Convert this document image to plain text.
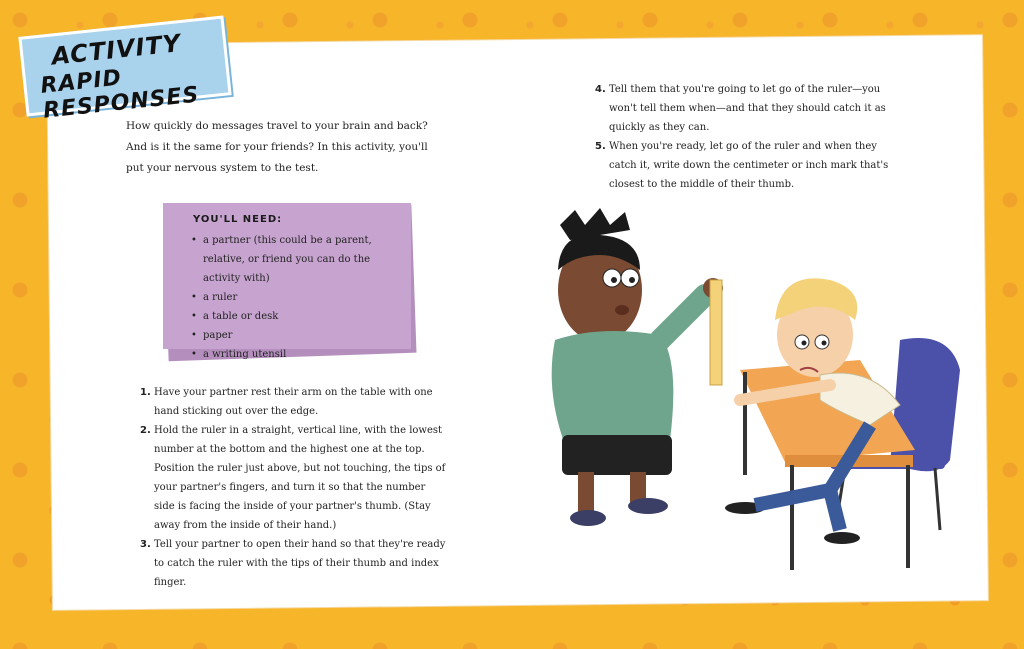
ACTIVITY
RAPID RESPONSES

How quickly do messages travel to your brain and back? And is it the same for your friends? In this activity, you'll put your nervous system to the test.

YOU'LL NEED:
• a partner (this could be a parent, relative, or friend you can do the activity with)
• a ruler
• a table or desk
• paper
• a writing utensil
1. Have your partner rest their arm on the table with one hand sticking out over the edge.
2. Hold the ruler in a straight, vertical line, with the lowest number at the bottom and the highest one at the top. Position the ruler just above, but not touching, the tips of your partner's fingers, and turn it so that the number side is facing the inside of your partner's thumb. (Stay away from the inside of their hand.)
3. Tell your partner to open their hand so that they're ready to catch the ruler with the tips of their thumb and index finger.
4. Tell them that you're going to let go of the ruler—you won't tell them when—and that they should catch it as quickly as they can.
5. When you're ready, let go of the ruler and when they catch it, write down the centimeter or inch mark that's closest to the middle of their thumb.
